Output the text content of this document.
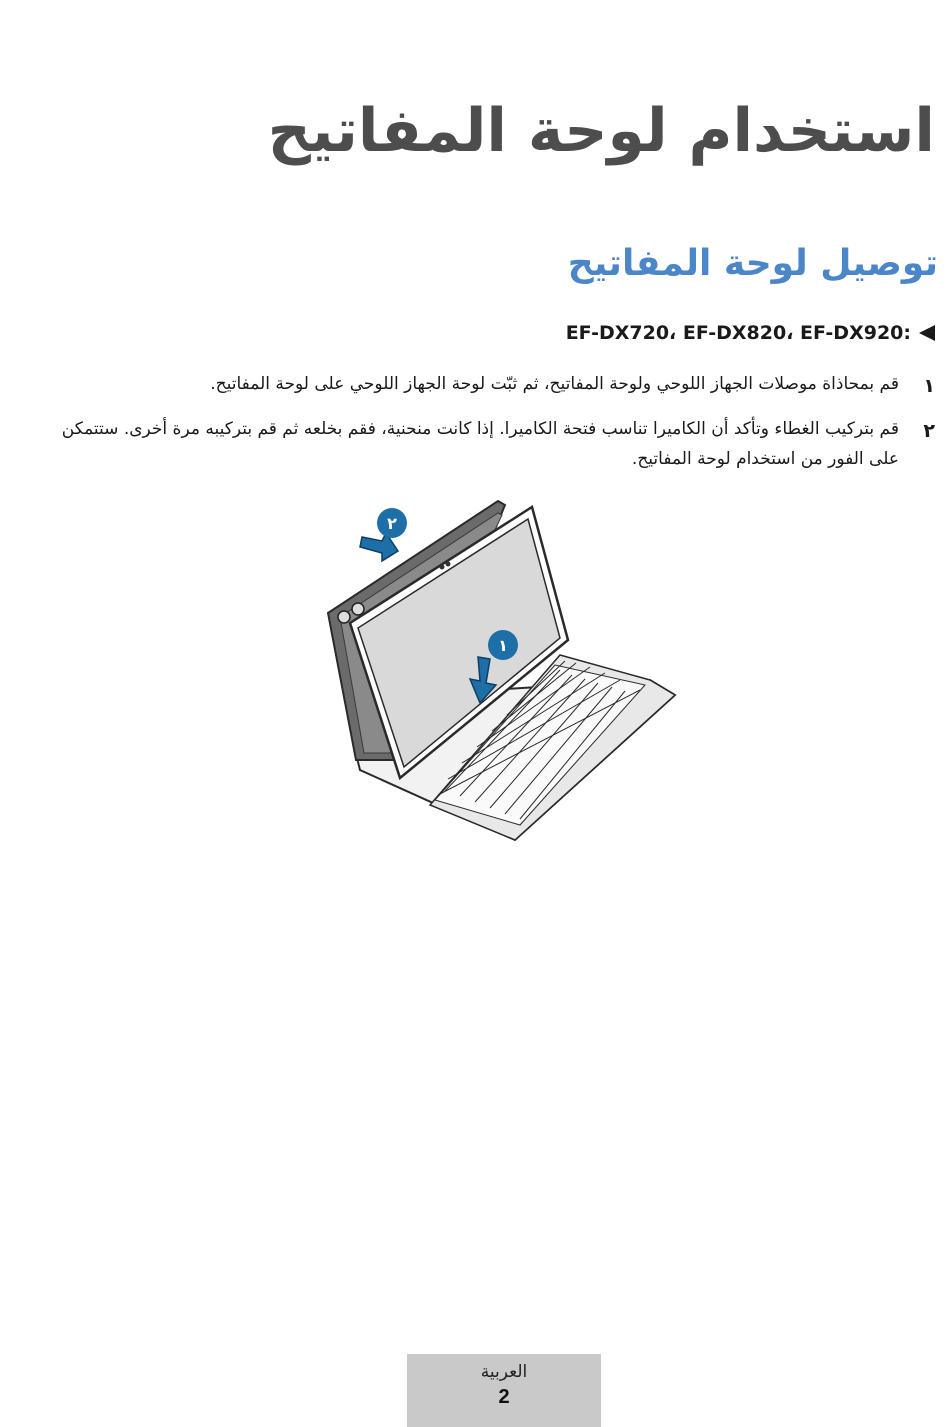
استخدام لوحة المفاتيح
توصيل لوحة المفاتيح
EF-DX720، EF-DX820، EF-DX920:
١
قم بمحاذاة موصلات الجهاز اللوحي ولوحة المفاتيح، ثم ثبّت لوحة الجهاز اللوحي على لوحة المفاتيح.
٢
قم بتركيب الغطاء وتأكد أن الكاميرا تناسب فتحة الكاميرا. إذا كانت منحنية، فقم بخلعه ثم قم بتركيبه مرة أخرى. ستتمكن على الفور من استخدام لوحة المفاتيح.
٢
١
العربية
2
